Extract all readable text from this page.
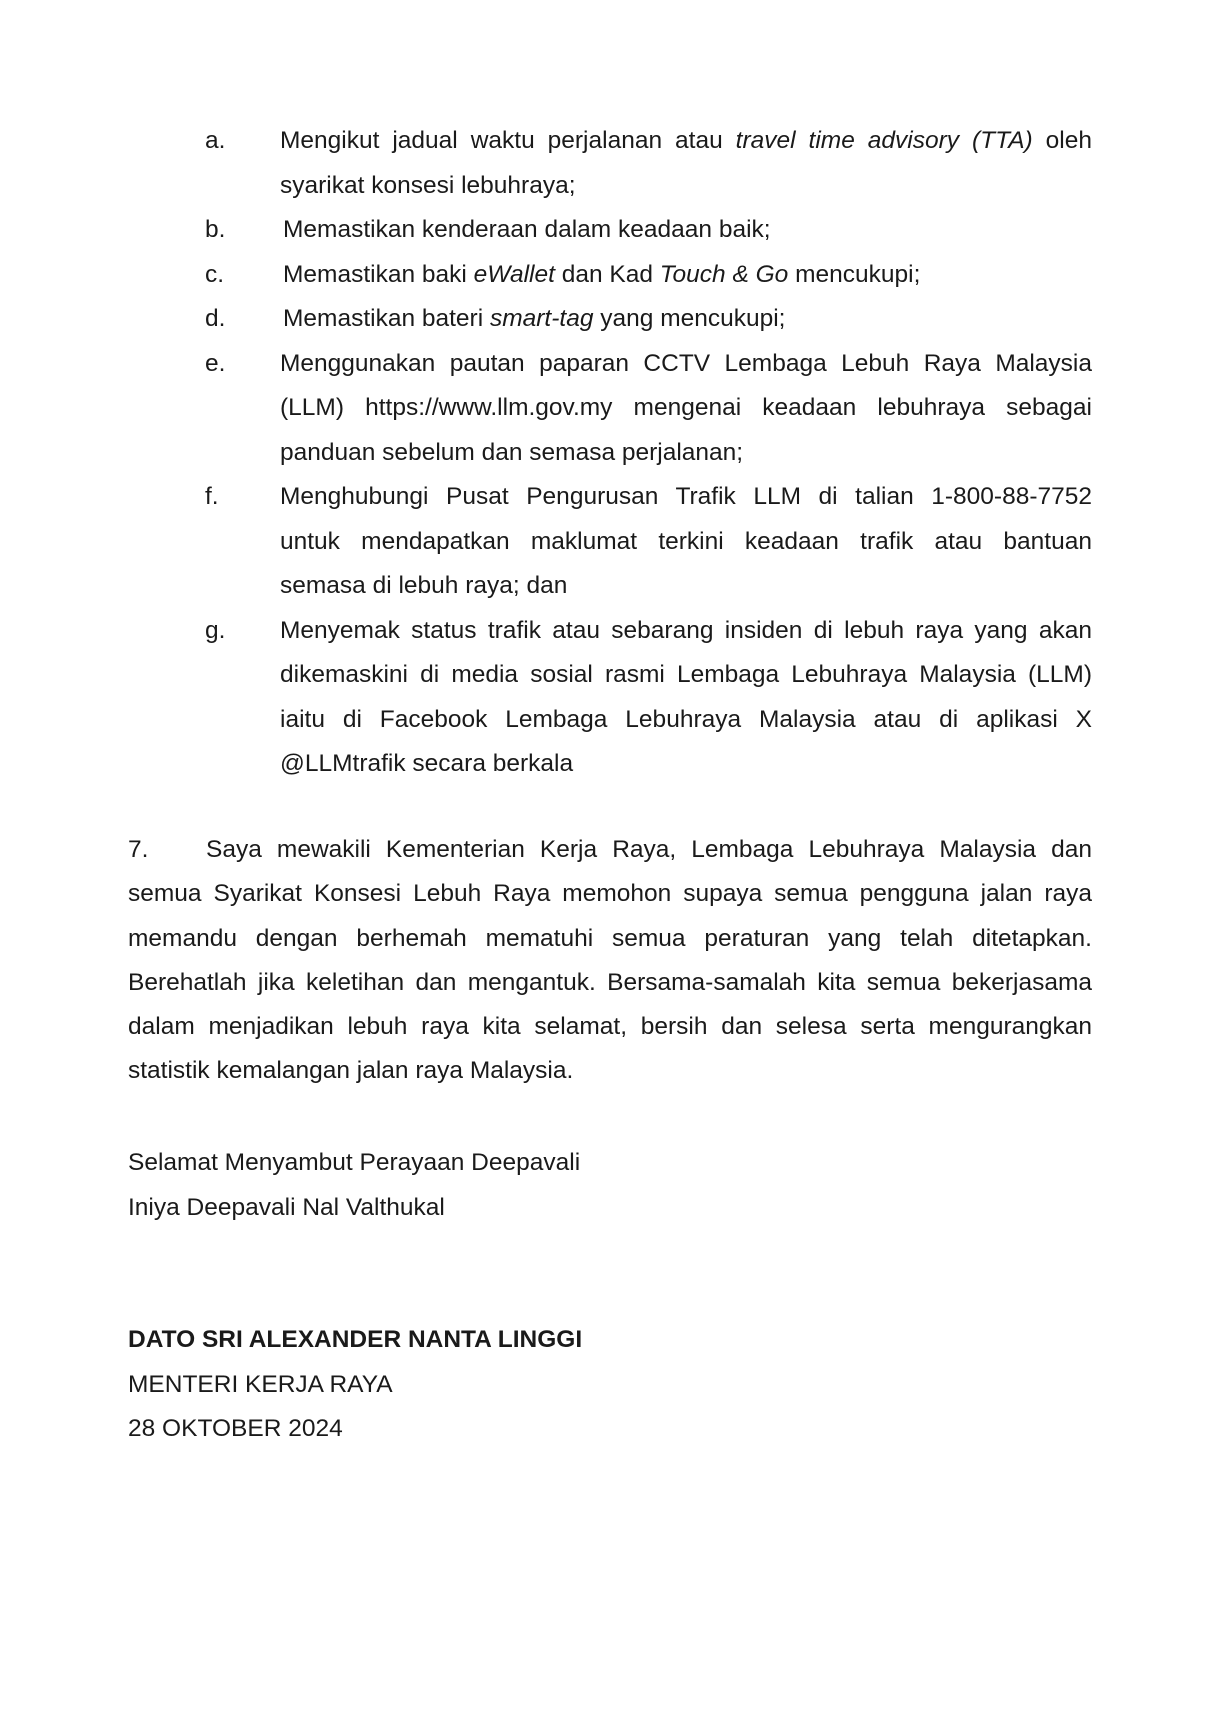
a. Mengikut jadual waktu perjalanan atau travel time advisory (TTA) oleh
syarikat konsesi lebuhraya;
b. Memastikan kenderaan dalam keadaan baik;
c. Memastikan baki eWallet dan Kad Touch & Go mencukupi;
d. Memastikan bateri smart-tag yang mencukupi;
e. Menggunakan pautan paparan CCTV Lembaga Lebuh Raya Malaysia
(LLM) https://www.llm.gov.my mengenai keadaan lebuhraya sebagai
panduan sebelum dan semasa perjalanan;
f.	Menghubungi Pusat Pengurusan Trafik LLM di talian 1-800-88-7752
untuk mendapatkan maklumat terkini keadaan trafik atau bantuan
semasa di lebuh raya; dan
g. Menyemak status trafik atau sebarang insiden di lebuh raya yang akan
dikemaskini di media sosial rasmi Lembaga Lebuhraya Malaysia (LLM)
iaitu di Facebook Lembaga Lebuhraya Malaysia atau di aplikasi X
@LLMtrafik secara berkala
7. Saya mewakili Kementerian Kerja Raya, Lembaga Lebuhraya Malaysia dan
semua Syarikat Konsesi Lebuh Raya memohon supaya semua pengguna jalan raya
memandu dengan berhemah mematuhi semua peraturan yang telah ditetapkan.
Berehatlah jika keletihan dan mengantuk. Bersama-samalah kita semua bekerjasama
dalam menjadikan lebuh raya kita selamat, bersih dan selesa serta mengurangkan
statistik kemalangan jalan raya Malaysia.
Selamat Menyambut Perayaan Deepavali
Iniya Deepavali Nal Valthukal
DATO SRI ALEXANDER NANTA LINGGI
MENTERI KERJA RAYA
28 OKTOBER 2024
